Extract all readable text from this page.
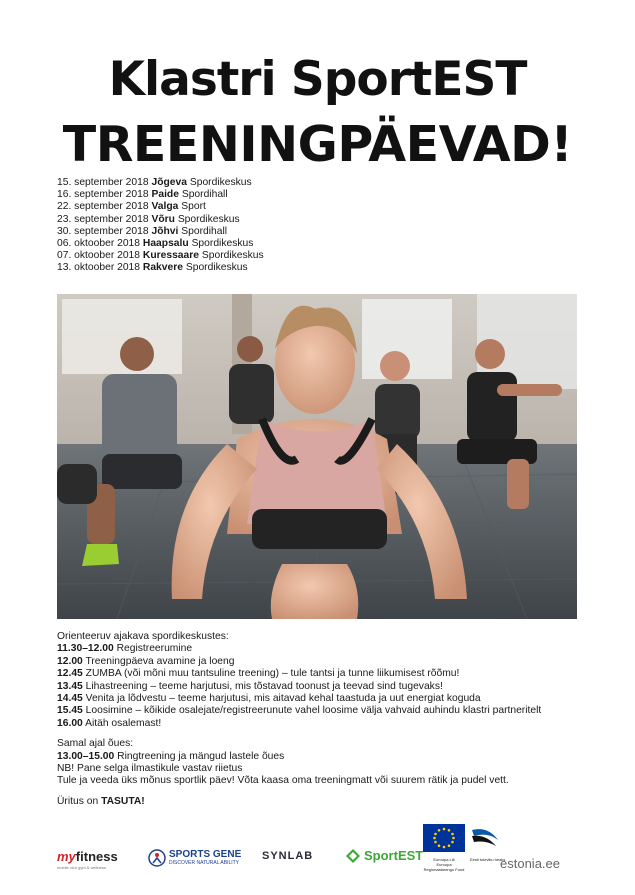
Klastri SportEST
TREENINGPÄEVAD!
15. september 2018 Jõgeva Spordikeskus
16. september 2018 Paide Spordihall
22. september 2018 Valga Sport
23. september 2018 Võru Spordikeskus
30. september 2018 Jõhvi Spordihall
06. oktoober 2018 Haapsalu Spordikeskus
07. oktoober 2018 Kuressaare Spordikeskus
13. oktoober 2018 Rakvere Spordikeskus
Orienteeruv ajakava spordikeskustes:
11.30–12.00 Registreerumine
12.00 Treeningpäeva avamine ja loeng
12.45 ZUMBA (või mõni muu tantsuline treening) – tule tantsi ja tunne liikumisest rõõmu!
13.45 Lihastreening – teeme harjutusi, mis tõstavad toonust ja teevad sind tugevaks!
14.45 Venita ja lõdvestu – teeme harjutusi, mis aitavad kehal taastuda ja uut energiat koguda
15.45 Loosimine – kõikide osalejate/registreerunute vahel loosime välja vahvaid auhindu klastri partneritelt
16.00 Aitäh osalemast!
Samal ajal õues:
13.00–15.00 Ringtreening ja mängud lastele õues
NB! Pane selga ilmastikule vastav riietus
Tule ja veeda üks mõnus sportlik päev! Võta kaasa oma treeningmatt või suurem rätik ja pudel vett.
Üritus on TASUTA!
myfitness
mobile vivo gym & wellness
SPORTS GENE
DISCOVER NATURAL ABILITY
SYNLAB	SportEST	Euroopa Liit
Euroopa
Regionaalarengu Fond
Eesti tuleviku heaks
estonia.ee
